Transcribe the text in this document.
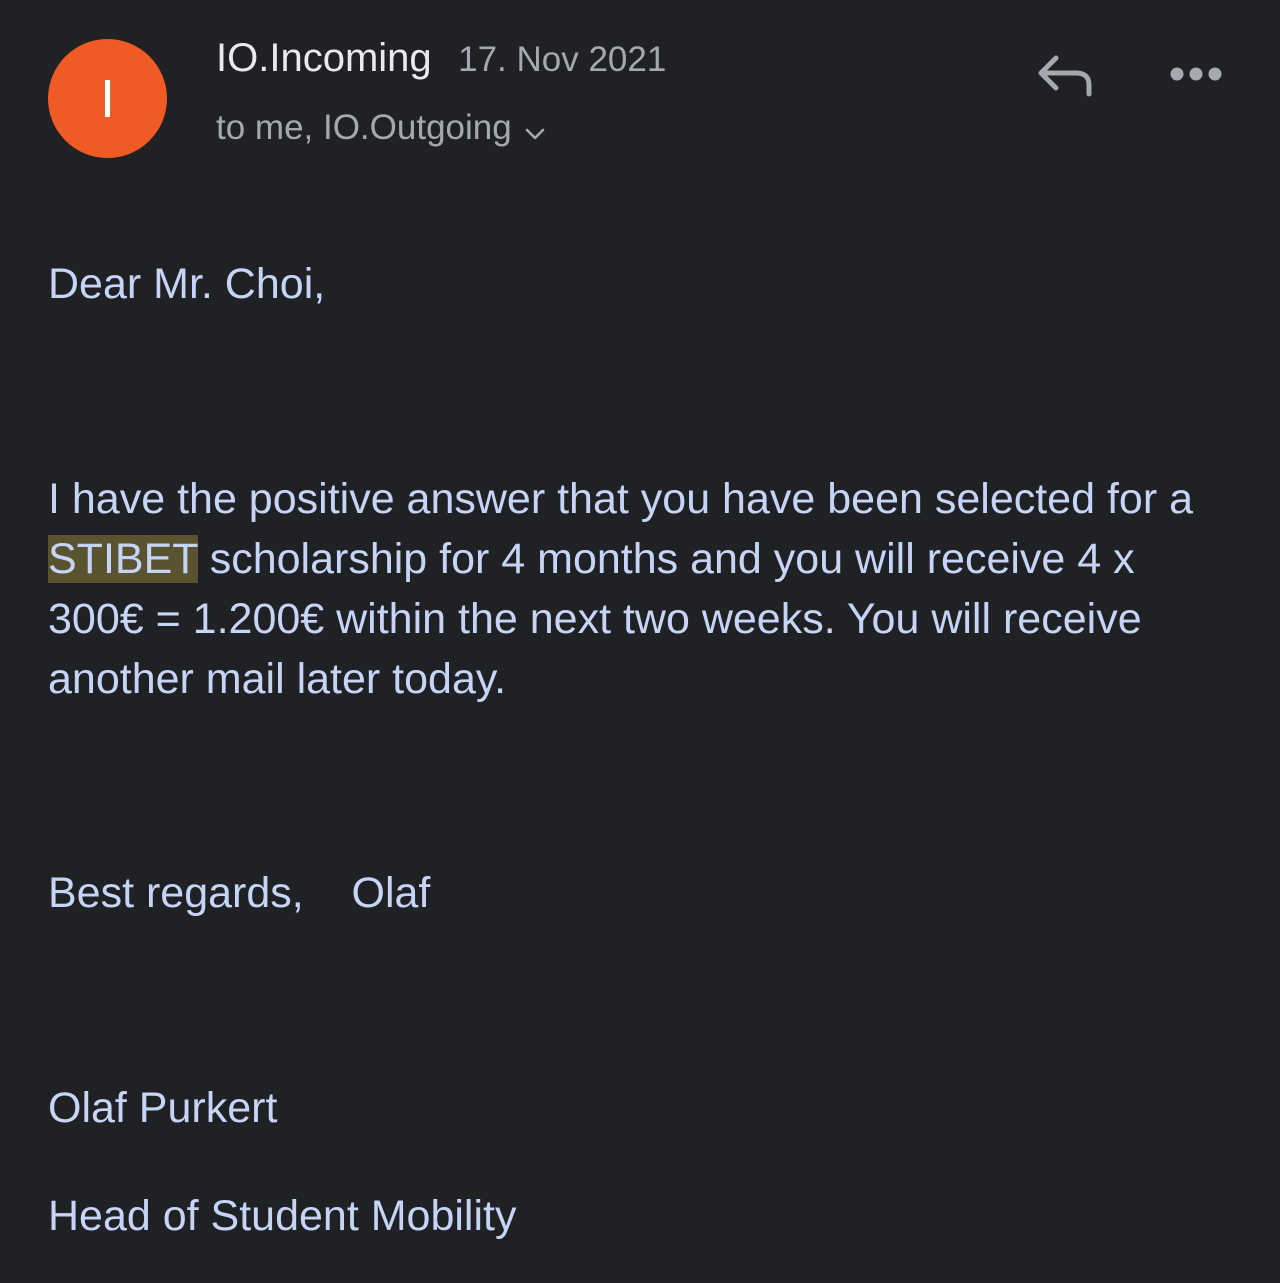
I
IO.Incoming 17. Nov 2021
to me, IO.Outgoing

Dear Mr. Choi,

I have the positive answer that you have been selected for a STIBET scholarship for 4 months and you will receive 4 x 300€ = 1.200€ within the next two weeks. You will receive another mail later today.

Best regards,    Olaf

Olaf Purkert

Head of Student Mobility
